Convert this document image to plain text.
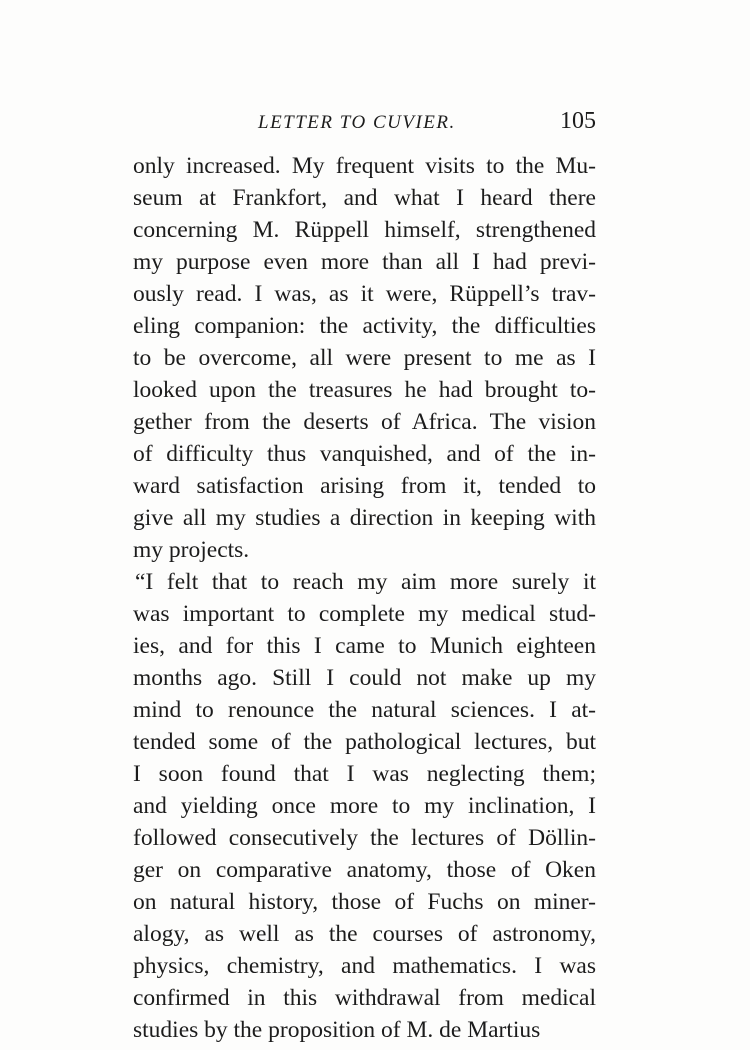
LETTER TO CUVIER.	105
only increased. My frequent visits to the Mu-
seum at Frankfort, and what I heard there
concerning M. Rüppell himself, strengthened
my purpose even more than all I had previ-
ously read. I was, as it were, Rüppell’s trav-
eling companion: the activity, the difficulties
to be overcome, all were present to me as I
looked upon the treasures he had brought to-
gether from the deserts of Africa. The vision
of difficulty thus vanquished, and of the in-
ward satisfaction arising from it, tended to
give all my studies a direction in keeping with
my projects.
“I felt that to reach my aim more surely it
was important to complete my medical stud-
ies, and for this I came to Munich eighteen
months ago. Still I could not make up my
mind to renounce the natural sciences. I at-
tended some of the pathological lectures, but
I soon found that I was neglecting them;
and yielding once more to my inclination, I
followed consecutively the lectures of Döllin-
ger on comparative anatomy, those of Oken
on natural history, those of Fuchs on miner-
alogy, as well as the courses of astronomy,
physics, chemistry, and mathematics. I was
confirmed in this withdrawal from medical
studies by the proposition of M. de Martius
